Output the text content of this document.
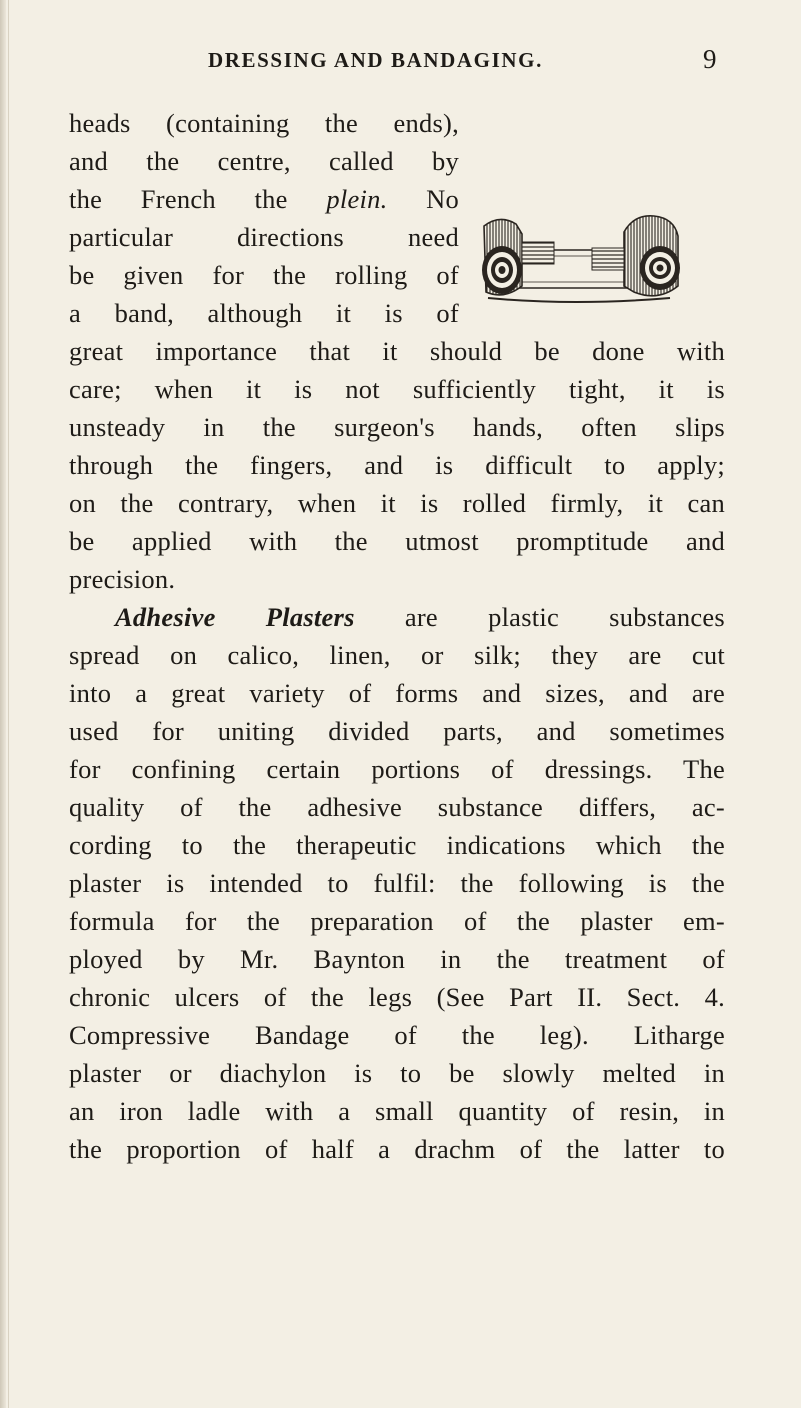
DRESSING AND BANDAGING.	9
heads (containing the ends),
and the centre, called by
the French the plein. No
particular directions need
be given for the rolling of
a band, although it is of
great importance that it should be done with
care; when it is not sufficiently tight, it is
unsteady in the surgeon's hands, often slips
through the fingers, and is difficult to apply;
on the contrary, when it is rolled firmly, it can
be applied with the utmost promptitude and
precision.
Adhesive Plasters are plastic substances
spread on calico, linen, or silk; they are cut
into a great variety of forms and sizes, and are
used for uniting divided parts, and sometimes
for confining certain portions of dressings. The
quality of the adhesive substance differs, ac-
cording to the therapeutic indications which the
plaster is intended to fulfil: the following is the
formula for the preparation of the plaster em-
ployed by Mr. Baynton in the treatment of
chronic ulcers of the legs (See Part II. Sect. 4.
Compressive Bandage of the leg). Litharge
plaster or diachylon is to be slowly melted in
an iron ladle with a small quantity of resin, in
the proportion of half a drachm of the latter to
